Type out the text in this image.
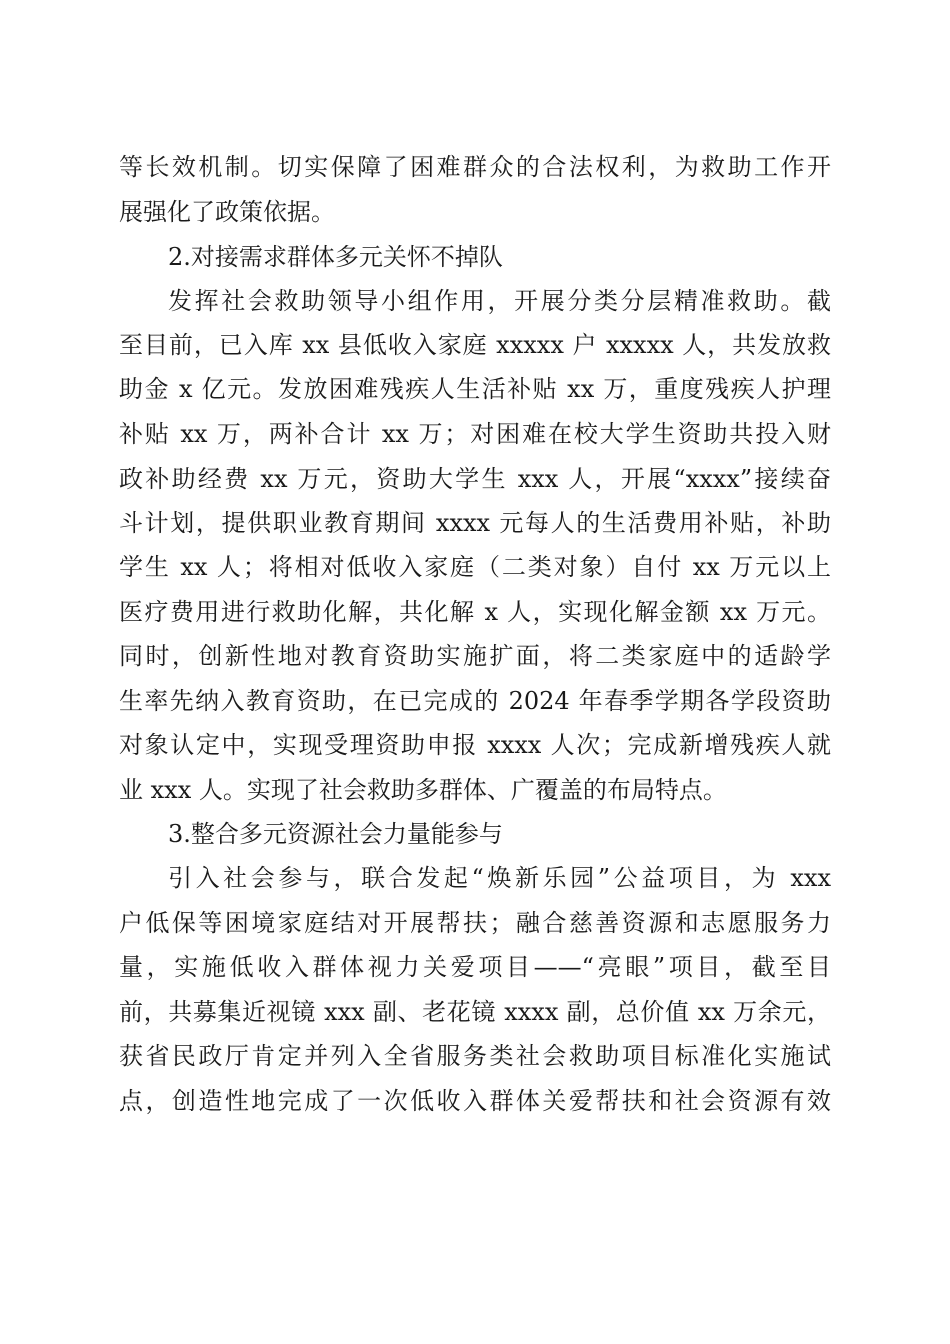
等长效机制。切实保障了困难群众的合法权利，为救助工作开

展强化了政策依据。

2.对接需求群体多元关怀不掉队

发挥社会救助领导小组作用，开展分类分层精准救助。截

至目前，已入库 xx 县低收入家庭 xxxxx 户 xxxxx 人，共发放救

助金 x 亿元。发放困难残疾人生活补贴 xx 万，重度残疾人护理

补贴 xx 万，两补合计 xx 万；对困难在校大学生资助共投入财

政补助经费 xx 万元，资助大学生 xxx 人，开展“xxxx”接续奋

斗计划，提供职业教育期间 xxxx 元每人的生活费用补贴，补助

学生 xx 人；将相对低收入家庭（二类对象）自付 xx 万元以上

医疗费用进行救助化解，共化解 x 人，实现化解金额 xx 万元。

同时，创新性地对教育资助实施扩面，将二类家庭中的适龄学

生率先纳入教育资助，在已完成的 2024 年春季学期各学段资助

对象认定中，实现受理资助申报 xxxx 人次；完成新增残疾人就

业 xxx 人。实现了社会救助多群体、广覆盖的布局特点。

3.整合多元资源社会力量能参与

引入社会参与，联合发起“焕新乐园”公益项目，为 xxx

户低保等困境家庭结对开展帮扶；融合慈善资源和志愿服务力

量，实施低收入群体视力关爱项目——“亮眼”项目，截至目

前，共募集近视镜 xxx 副、老花镜 xxxx 副，总价值 xx 万余元，

获省民政厅肯定并列入全省服务类社会救助项目标准化实施试

点，创造性地完成了一次低收入群体关爱帮扶和社会资源有效
